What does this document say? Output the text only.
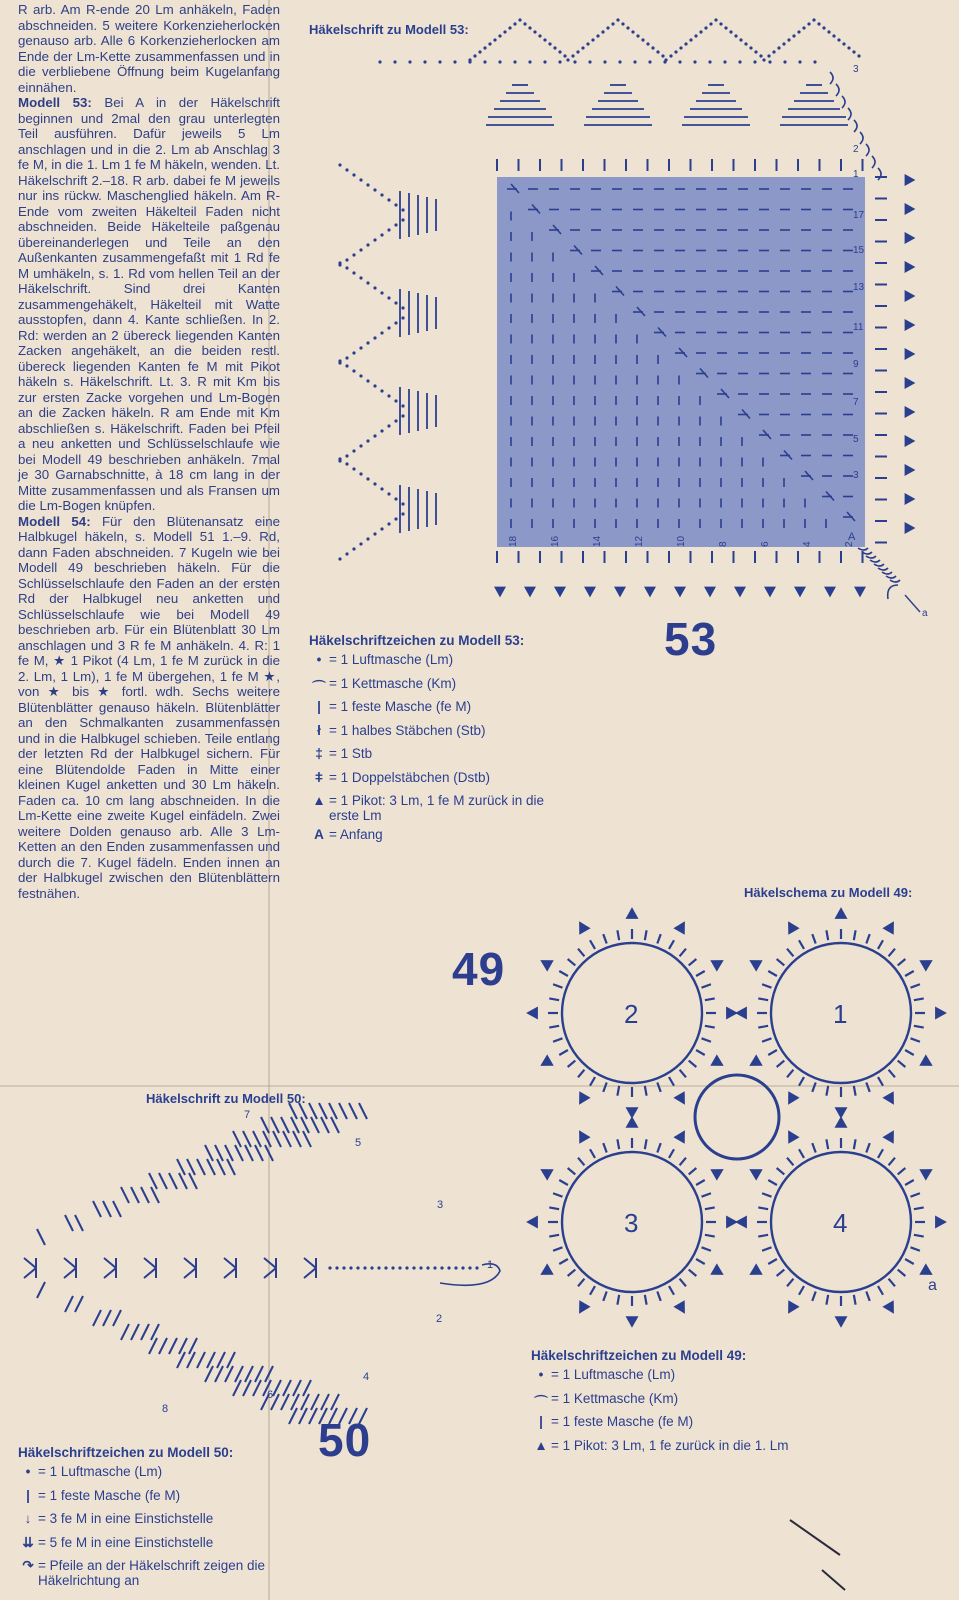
R arb. Am R-ende 20 Lm anhäkeln, Faden abschneiden. 5 weitere Korkenzieherlocken genauso arb. Alle 6 Korkenzieherlocken am Ende der Lm-Kette zusammenfassen und in die verbliebene Öffnung beim Kugelanfang einnähen.

Modell 53: Bei A in der Häkelschrift beginnen und 2mal den grau unterlegten Teil ausführen. Dafür jeweils 5 Lm anschlagen und in die 2. Lm ab Anschlag 3 fe M, in die 1. Lm 1 fe M häkeln, wenden. Lt. Häkelschrift 2.–18. R arb. dabei fe M jeweils nur ins rückw. Maschenglied häkeln. Am R-Ende vom zweiten Häkelteil Faden nicht abschneiden. Beide Häkelteile paßgenau übereinanderlegen und Teile an den Außenkanten zusammengefaßt mit 1 Rd fe M umhäkeln, s. 1. Rd vom hellen Teil an der Häkelschrift. Sind drei Kanten zusammengehäkelt, Häkelteil mit Watte ausstopfen, dann 4. Kante schließen. In 2. Rd: werden an 2 übereck liegenden Kanten Zacken angehäkelt, an die beiden restl. übereck liegenden Kanten fe M mit Pikot häkeln s. Häkelschrift. Lt. 3. R mit Km bis zur ersten Zacke vorgehen und Lm-Bogen an die Zacken häkeln. R am Ende mit Km abschließen s. Häkelschrift. Faden bei Pfeil a neu anketten und Schlüsselschlaufe wie bei Modell 49 beschrieben anhäkeln. 7mal je 30 Garnabschnitte, à 18 cm lang in der Mitte zusammenfassen und als Fransen um die Lm-Bogen knüpfen.

Modell 54: Für den Blütenansatz eine Halbkugel häkeln, s. Modell 51 1.–9. Rd, dann Faden abschneiden. 7 Kugeln wie bei Modell 49 beschrieben häkeln. Für die Schlüsselschlaufe den Faden an der ersten Rd der Halbkugel neu anketten und Schlüsselschlaufe wie bei Modell 49 beschrieben arb. Für ein Blütenblatt 30 Lm anschlagen und 3 R fe M anhäkeln. 4. R: 1 fe M, ★ 1 Pikot (4 Lm, 1 fe M zurück in die 2. Lm, 1 Lm), 1 fe M übergehen, 1 fe M ★, von ★ bis ★ fortl. wdh. Sechs weitere Blütenblätter genauso häkeln. Blütenblätter an den Schmalkanten zusammenfassen und in die Halbkugel schieben. Teile entlang der letzten Rd der Halbkugel sichern. Für eine Blütendolde Faden in Mitte einer kleinen Kugel anketten und 30 Lm häkeln. Faden ca. 10 cm lang abschneiden. In die Lm-Kette eine zweite Kugel einfädeln. Zwei weitere Dolden genauso arb. Alle 3 Lm-Ketten an den Enden zusammenfassen und durch die 7. Kugel fädeln. Enden innen an der Halbkugel zwischen den Blütenblättern festnähen.

Häkelschrift zu Modell 53:
3
2
1
17
15
13
11
9
7
5
3
18	16	14	12	10	8	6	4	2
A
a
53
Häkelschriftzeichen zu Modell 53:
• = 1 Luftmasche (Lm)
⌒ = 1 Kettmasche (Km)
| = 1 feste Masche (fe M)
ł = 1 halbes Stäbchen (Stb)
‡ = 1 Stb
ǂ = 1 Doppelstäbchen (Dstb)
▲ = 1 Pikot: 3 Lm, 1 fe M zurück in die erste Lm
A = Anfang
Häkelschema zu Modell 49:
49
2	1
3	4
a
Häkelschriftzeichen zu Modell 49:
• = 1 Luftmasche (Lm)
⌒ = 1 Kettmasche (Km)
| = 1 feste Masche (fe M)
▲ = 1 Pikot: 3 Lm, 1 fe zurück in die 1. Lm
Häkelschrift zu Modell 50:
7
5
3
1
2
4
6
8
50
Häkelschriftzeichen zu Modell 50:
• = 1 Luftmasche (Lm)
| = 1 feste Masche (fe M)
↓ = 3 fe M in eine Einstichstelle
⇊ = 5 fe M in eine Einstichstelle
↷ = Pfeile an der Häkelschrift zeigen die Häkelrichtung an
